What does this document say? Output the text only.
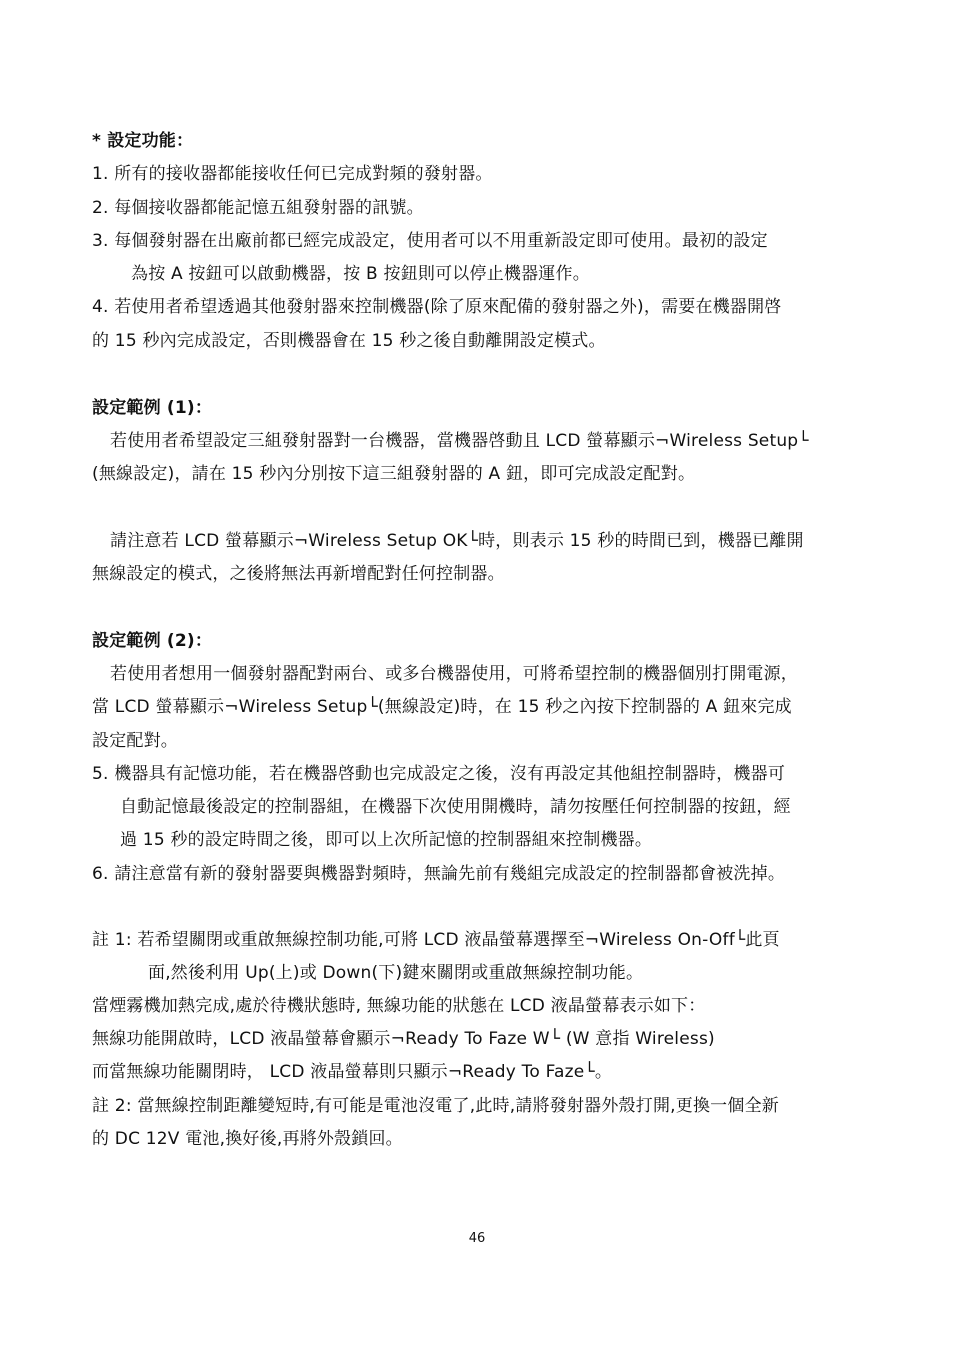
* 設定功能：
1. 所有的接收器都能接收任何已完成對頻的發射器。
2. 每個接收器都能記憶五組發射器的訊號。
3. 每個發射器在出廠前都已經完成設定，使用者可以不用重新設定即可使用。最初的設定
為按 A 按鈕可以啟動機器，按 B 按鈕則可以停止機器運作。
4. 若使用者希望透過其他發射器來控制機器(除了原來配備的發射器之外)，需要在機器開啓
的 15 秒內完成設定，否則機器會在 15 秒之後自動離開設定模式。
設定範例 (1)：
若使用者希望設定三組發射器對一台機器，當機器啓動且 LCD 螢幕顯示¬Wireless Setup└
(無線設定)，請在 15 秒內分別按下這三組發射器的 A 鈕，即可完成設定配對。
請注意若 LCD 螢幕顯示¬Wireless Setup OK└時，則表示 15 秒的時間已到，機器已離開
無線設定的模式，之後將無法再新增配對任何控制器。
設定範例 (2)：
若使用者想用一個發射器配對兩台、或多台機器使用，可將希望控制的機器個別打開電源，
當 LCD 螢幕顯示¬Wireless Setup└(無線設定)時，在 15 秒之內按下控制器的 A 鈕來完成
設定配對。
5. 機器具有記憶功能，若在機器啓動也完成設定之後，沒有再設定其他組控制器時，機器可
自動記憶最後設定的控制器組，在機器下次使用開機時，請勿按壓任何控制器的按鈕，經
過 15 秒的設定時間之後，即可以上次所記憶的控制器組來控制機器。
6. 請注意當有新的發射器要與機器對頻時，無論先前有幾組完成設定的控制器都會被洗掉。
註 1: 若希望關閉或重啟無線控制功能,可將 LCD 液晶螢幕選擇至¬Wireless On-Off└此頁
面,然後利用 Up(上)或 Down(下)鍵來關閉或重啟無線控制功能。
當煙霧機加熱完成,處於待機狀態時, 無線功能的狀態在 LCD 液晶螢幕表示如下：
無線功能開啟時，LCD 液晶螢幕會顯示¬Ready To Faze W└ (W 意指 Wireless)
而當無線功能關閉時， LCD 液晶螢幕則只顯示¬Ready To Faze└。
註 2: 當無線控制距離變短時,有可能是電池沒電了,此時,請將發射器外殼打開,更換一個全新
的 DC 12V 電池,換好後,再將外殼鎖回。
46
